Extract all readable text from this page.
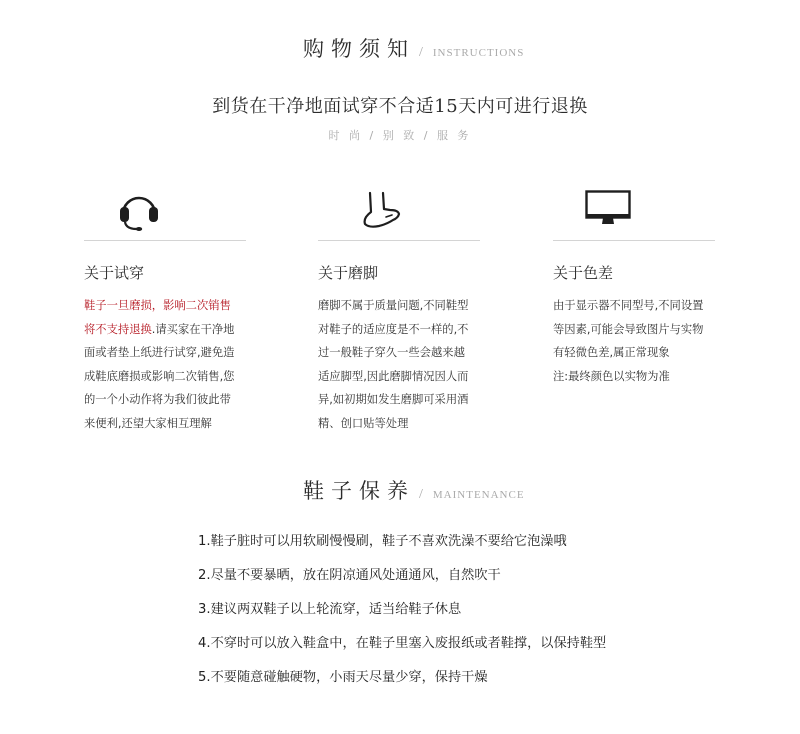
购物须知 / INSTRUCTIONS
到货在干净地面试穿不合适15天内可进行退换
时 尚 / 别 致 / 服 务
关于试穿
鞋子一旦磨损，影响二次销售
将不支持退换.请买家在干净地
面或者垫上纸进行试穿,避免造
成鞋底磨损或影响二次销售,您
的一个小动作将为我们彼此带
来便利,还望大家相互理解
关于磨脚
磨脚不属于质量问题,不同鞋型
对鞋子的适应度是不一样的,不
过一般鞋子穿久一些会越来越
适应脚型,因此磨脚情况因人而
异,如初期如发生磨脚可采用酒
精、创口贴等处理
关于色差
由于显示器不同型号,不同设置
等因素,可能会导致图片与实物
有轻微色差,属正常现象
注:最终颜色以实物为准
鞋子保养 / MAINTENANCE
1.鞋子脏时可以用软刷慢慢刷，鞋子不喜欢洗澡不要给它泡澡哦
2.尽量不要暴晒，放在阴凉通风处通通风，自然吹干
3.建议两双鞋子以上轮流穿，适当给鞋子休息
4.不穿时可以放入鞋盒中，在鞋子里塞入废报纸或者鞋撑，以保持鞋型
5.不要随意碰触硬物，小雨天尽量少穿，保持干燥
